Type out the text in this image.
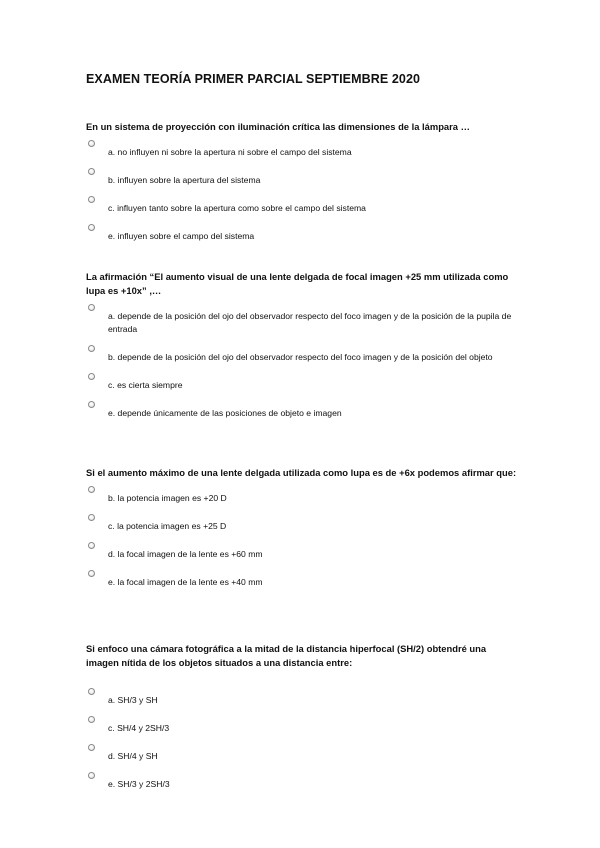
EXAMEN TEORÍA PRIMER PARCIAL SEPTIEMBRE 2020
En un sistema de proyección con iluminación crítica las dimensiones de la lámpara …
a. no influyen ni sobre la apertura ni sobre el campo del sistema
b. influyen sobre la apertura del sistema
c. influyen tanto sobre la apertura como sobre el campo del sistema
e. influyen sobre el campo del sistema
La afirmación “El aumento visual de una lente delgada de focal imagen +25 mm utilizada como lupa es +10x” ,…
a. depende de la posición del ojo del observador respecto del foco imagen y de la posición de la pupila de entrada
b. depende de la posición del ojo del observador respecto del foco imagen y de la posición del objeto
c. es cierta siempre
e. depende únicamente de las posiciones de objeto e imagen
Si el aumento máximo de una lente delgada utilizada como lupa es de +6x podemos afirmar que:
b. la potencia imagen es +20 D
c. la potencia imagen es +25 D
d. la focal imagen de la lente es +60 mm
e. la focal imagen de la lente es +40 mm
Si enfoco una cámara fotográfica a la mitad de la distancia hiperfocal (SH/2) obtendré una imagen nítida de los objetos situados a una distancia entre:
a. SH/3 y SH
c. SH/4 y 2SH/3
d. SH/4 y SH
e. SH/3 y 2SH/3
